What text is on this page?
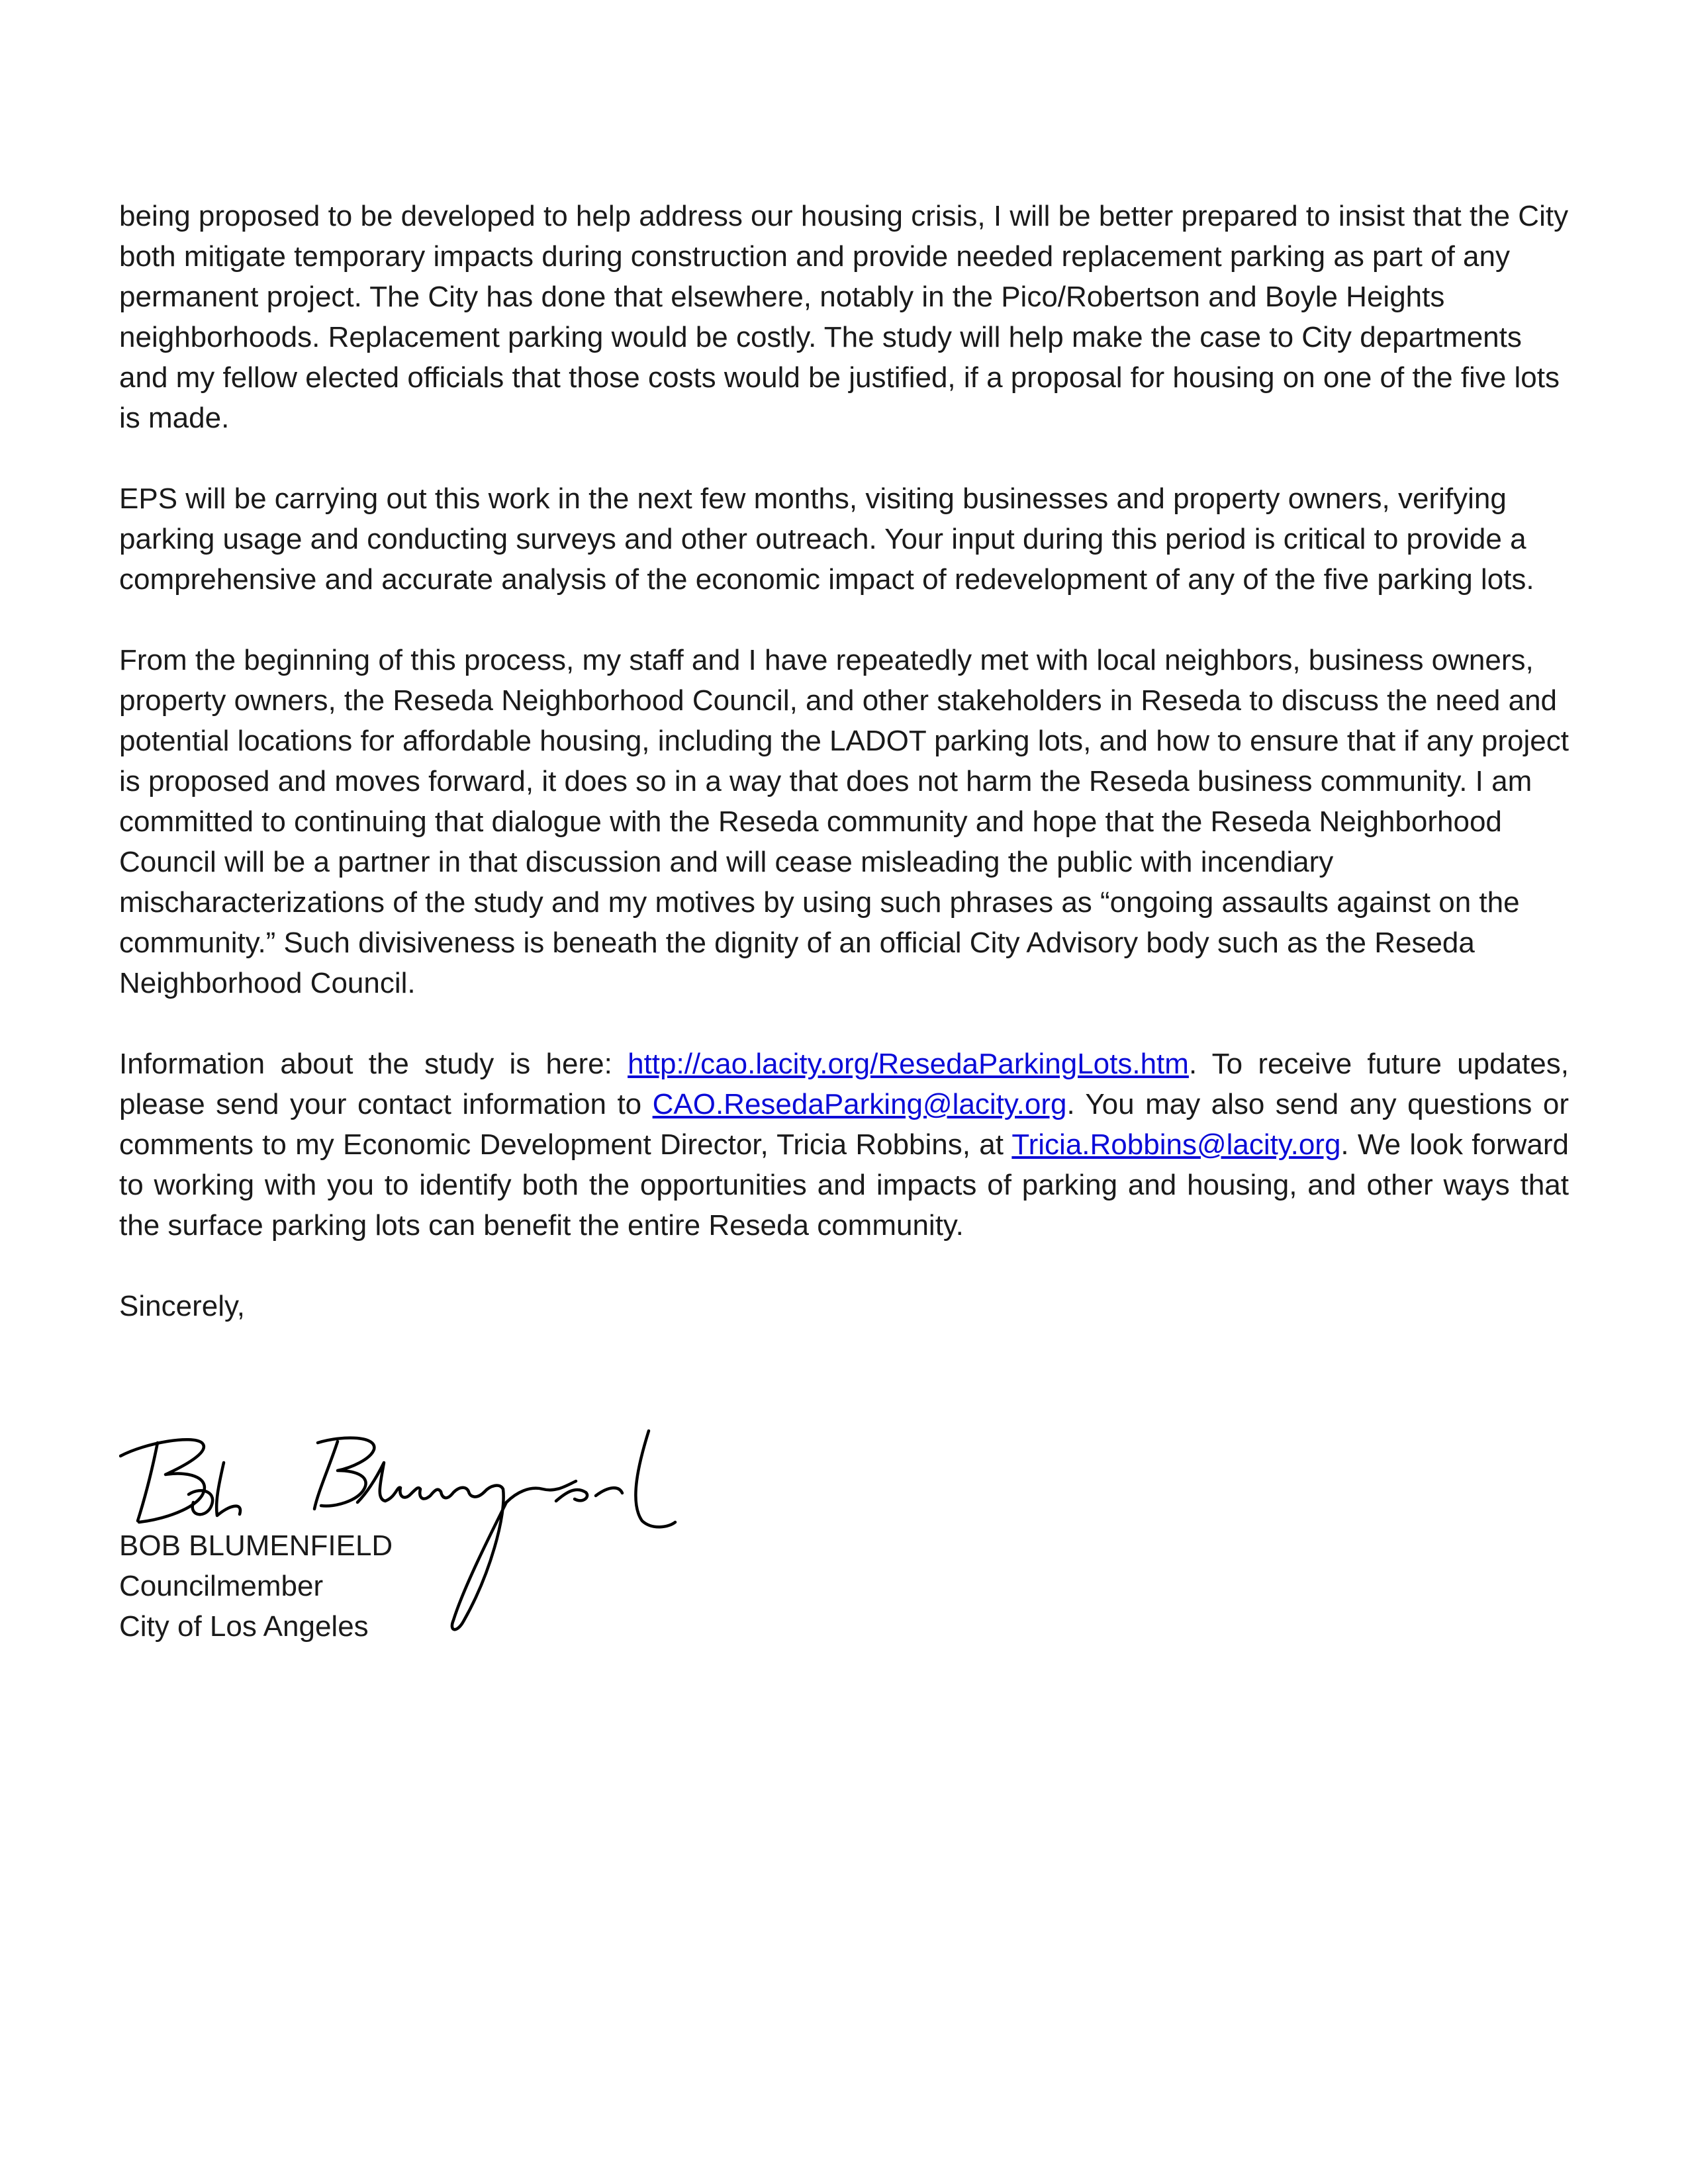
being proposed to be developed to help address our housing crisis, I will be better prepared to insist that the City both mitigate temporary impacts during construction and provide needed replacement parking as part of any permanent project. The City has done that elsewhere, notably in the Pico/Robertson and Boyle Heights neighborhoods. Replacement parking would be costly. The study will help make the case to City departments and my fellow elected officials that those costs would be justified, if a proposal for housing on one of the five lots is made.

EPS will be carrying out this work in the next few months, visiting businesses and property owners, verifying parking usage and conducting surveys and other outreach. Your input during this period is critical to provide a comprehensive and accurate analysis of the economic impact of redevelopment of any of the five parking lots.

From the beginning of this process, my staff and I have repeatedly met with local neighbors, business owners, property owners, the Reseda Neighborhood Council, and other stakeholders in Reseda to discuss the need and potential locations for affordable housing, including the LADOT parking lots, and how to ensure that if any project is proposed and moves forward, it does so in a way that does not harm the Reseda business community. I am committed to continuing that dialogue with the Reseda community and hope that the Reseda Neighborhood Council will be a partner in that discussion and will cease misleading the public with incendiary mischaracterizations of the study and my motives by using such phrases as “ongoing assaults against on the community.” Such divisiveness is beneath the dignity of an official City Advisory body such as the Reseda Neighborhood Council.

Information about the study is here: http://cao.lacity.org/ResedaParkingLots.htm. To receive future updates, please send your contact information to CAO.ResedaParking@lacity.org. You may also send any questions or comments to my Economic Development Director, Tricia Robbins, at Tricia.Robbins@lacity.org. We look forward to working with you to identify both the opportunities and impacts of parking and housing, and other ways that the surface parking lots can benefit the entire Reseda community.

Sincerely,

BOB BLUMENFIELD
Councilmember
City of Los Angeles
